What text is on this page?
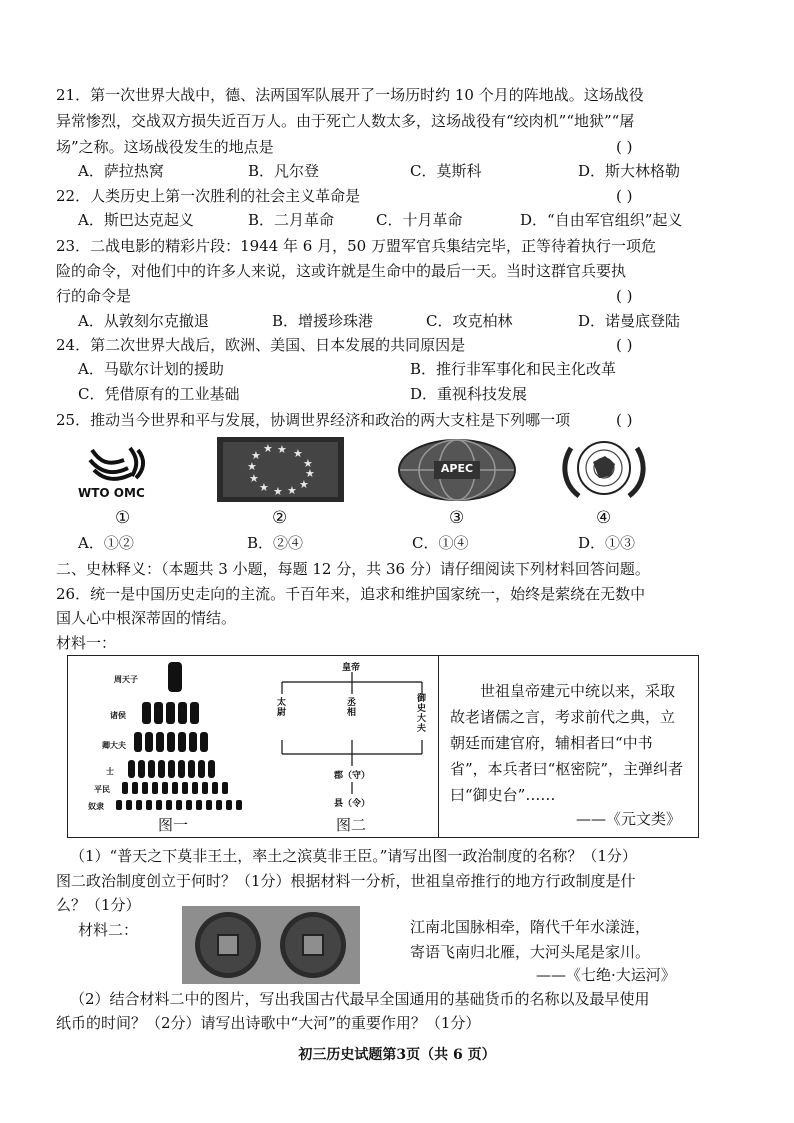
21．第一次世界大战中，德、法两国军队展开了一场历时约 10 个月的阵地战。这场战役
异常惨烈，交战双方损失近百万人。由于死亡人数太多，这场战役有“绞肉机”“地狱”“屠
场”之称。这场战役发生的地点是	( )
A．萨拉热窝	B．凡尔登	C．莫斯科	D．斯大林格勒
22．人类历史上第一次胜利的社会主义革命是	( )
A．斯巴达克起义	B．二月革命	C．十月革命	D．“自由军官组织”起义
23．二战电影的精彩片段：1944 年 6 月，50 万盟军官兵集结完毕，正等待着执行一项危
险的命令，对他们中的许多人来说，这或许就是生命中的最后一天。当时这群官兵要执
行的命令是	( )
A．从敦刻尔克撤退	B．增援珍珠港	C．攻克柏林	D．诺曼底登陆
24．第二次世界大战后，欧洲、美国、日本发展的共同原因是	( )
A．马歇尔计划的援助	B．推行非军事化和民主化改革
C．凭借原有的工业基础	D．重视科技发展
25．推动当今世界和平与发展，协调世界经济和政治的两大支柱是下列哪一项	( )
WTO OMC
★ ★
★
★
★
★
★
★
★
★
★
★
APEC
①	②	③	④
A．①②	B．②④	C．①④	D．①③
二、史林释义：（本题共 3 小题，每题 12 分，共 36 分）请仔细阅读下列材料回答问题。
26．统一是中国历史走向的主流。千百年来，追求和维护国家统一，始终是萦绕在无数中
国人心中根深蒂固的情结。
材料一：
周天子
诸侯
卿大夫
士
平民
奴隶
图一
皇帝
太尉
丞相
御史大夫
郡（守）
县（令）
图二
世祖皇帝建元中统以来，采取
故老诸儒之言，考求前代之典，立
朝廷而建官府，辅相者曰“中书
省”，本兵者曰“枢密院”，主弹纠者
曰“御史台”……
——《元文类》
（1）“普天之下莫非王土，率土之滨莫非王臣。”请写出图一政治制度的名称？（1分）
图二政治制度创立于何时？（1分）根据材料一分析，世祖皇帝推行的地方行政制度是什
么？（1分）
材料二：	江南北国脉相牵，隋代千年水漾涟，
寄语飞南归北雁，大河头尾是家川。
——《七绝·大运河》
（2）结合材料二中的图片，写出我国古代最早全国通用的基础货币的名称以及最早使用
纸币的时间？（2分）请写出诗歌中“大河”的重要作用？（1分）
初三历史试题第3页（共 6 页）
